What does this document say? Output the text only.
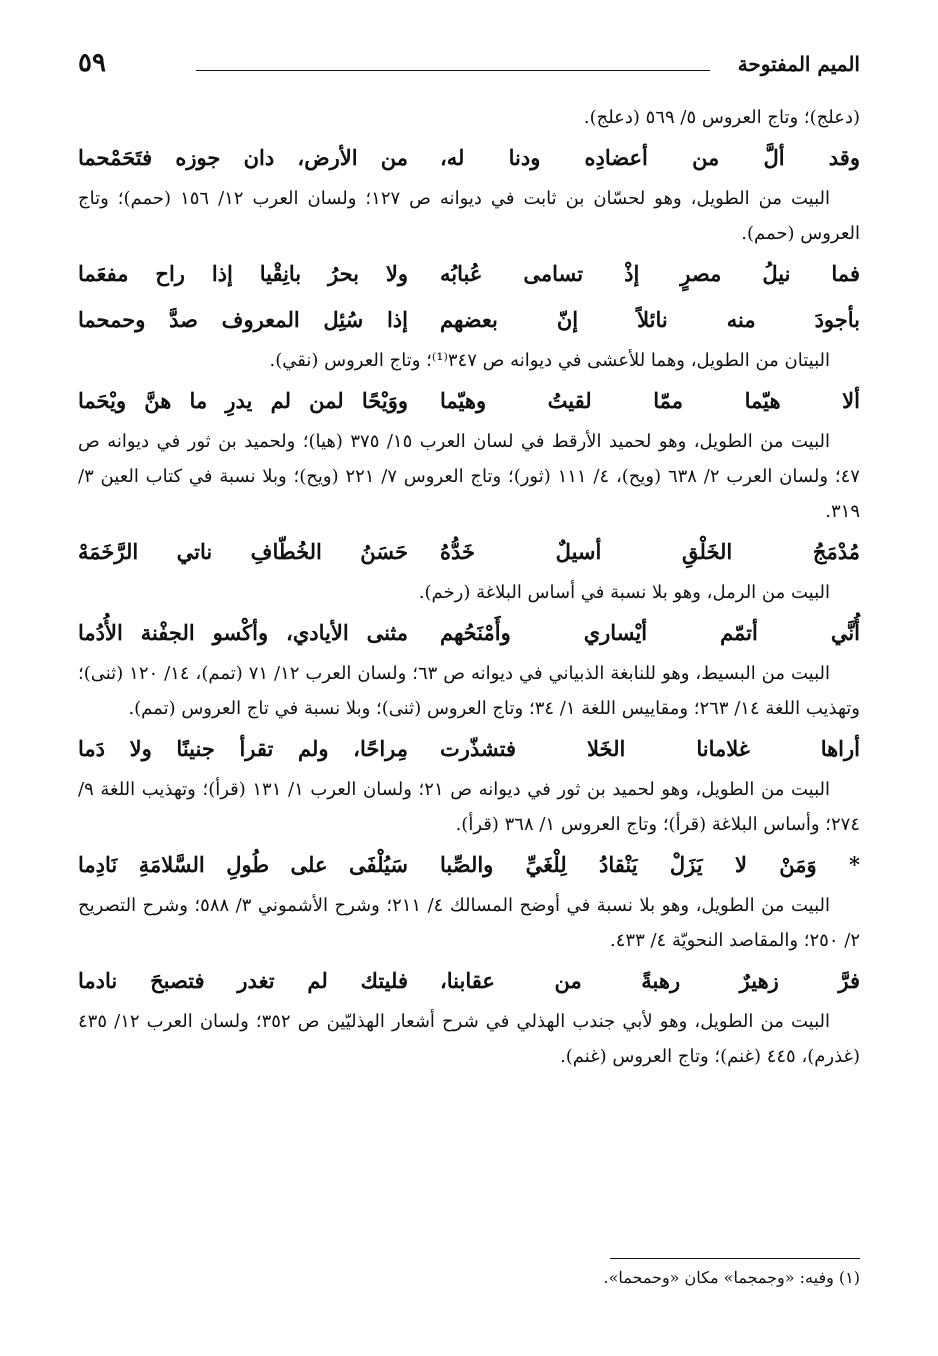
الميم المفتوحة
٥٩

(دعلج)؛ وتاج العروس ٥/ ٥٦٩ (دعلج).

وقد ألَّ من أعضادِه ودنا له،
من الأرض، دان جوزه فتَحَمْحما

البيت من الطويل، وهو لحسّان بن ثابت في ديوانه ص ١٢٧؛ ولسان العرب ١٢/ ١٥٦ (حمم)؛ وتاج العروس (حمم).

فما نيلُ مصرٍ إذْ تسامى عُبابُه
ولا بحرُ بانِقْيا إذا راح مفعَما
بأجودَ منه نائلاً إنّ بعضهم
إذا سُئِل المعروف صدَّ وحمحما

البيتان من الطويل، وهما للأعشى في ديوانه ص ٣٤٧⁽¹⁾؛ وتاج العروس (نقي).

ألا هيّما ممّا لقيتُ وهيّما
ووَيْحًا لمن لم يدرِ ما هنَّ ويْحَما

البيت من الطويل، وهو لحميد الأرقط في لسان العرب ١٥/ ٣٧٥ (هيا)؛ ولحميد بن ثور في ديوانه ص ٤٧؛ ولسان العرب ٢/ ٦٣٨ (ويح)، ٤/ ١١١ (ثور)؛ وتاج العروس ٧/ ٢٢١ (ويح)؛ وبلا نسبة في كتاب العين ٣/ ٣١٩.

مُدْمَجُ الخَلْقِ أسيلٌ خَدُّهُ
حَسَنُ الخُطّافِ ناتي الرَّخَمَهْ

البيت من الرمل، وهو بلا نسبة في أساس البلاغة (رخم).

أُنَّي أتمّم أيْساري وأَمْنَحُهم
مثنى الأيادي، وأكْسو الجفْنة الأُدُما

البيت من البسيط، وهو للنابغة الذبياني في ديوانه ص ٦٣؛ ولسان العرب ١٢/ ٧١ (تمم)، ١٤/ ١٢٠ (ثنى)؛ وتهذيب اللغة ١٤/ ٢٦٣؛ ومقاييس اللغة ١/ ٣٤؛ وتاج العروس (ثنى)؛ وبلا نسبة في تاج العروس (تمم).

أراها غلامانا الخَلا فتشذّرت
مِراحًا، ولم تقرأ جنينًا ولا دَما

البيت من الطويل، وهو لحميد بن ثور في ديوانه ص ٢١؛ ولسان العرب ١/ ١٣١ (قرأ)؛ وتهذيب اللغة ٩/ ٢٧٤؛ وأساس البلاغة (قرأ)؛ وتاج العروس ١/ ٣٦٨ (قرأ).

* وَمَنْ لا يَزَلْ يَنْقادُ لِلْغَيِّ والصِّبا
سَيُلْفَى على طُولِ السَّلامَةِ نَادِما

البيت من الطويل، وهو بلا نسبة في أوضح المسالك ٤/ ٢١١؛ وشرح الأشموني ٣/ ٥٨٨؛ وشرح التصريح ٢/ ٢٥٠؛ والمقاصد النحويّة ٤/ ٤٣٣.

فرَّ زهيرٌ رهبةً من عقابنا،
فليتك لم تغدر فتصبحَ نادما

البيت من الطويل، وهو لأبي جندب الهذلي في شرح أشعار الهذليّين ص ٣٥٢؛ ولسان العرب ١٢/ ٤٣٥ (غذرم)، ٤٤٥ (غنم)؛ وتاج العروس (غنم).

(١) وفيه: «وجمجما» مكان «وحمحما».
